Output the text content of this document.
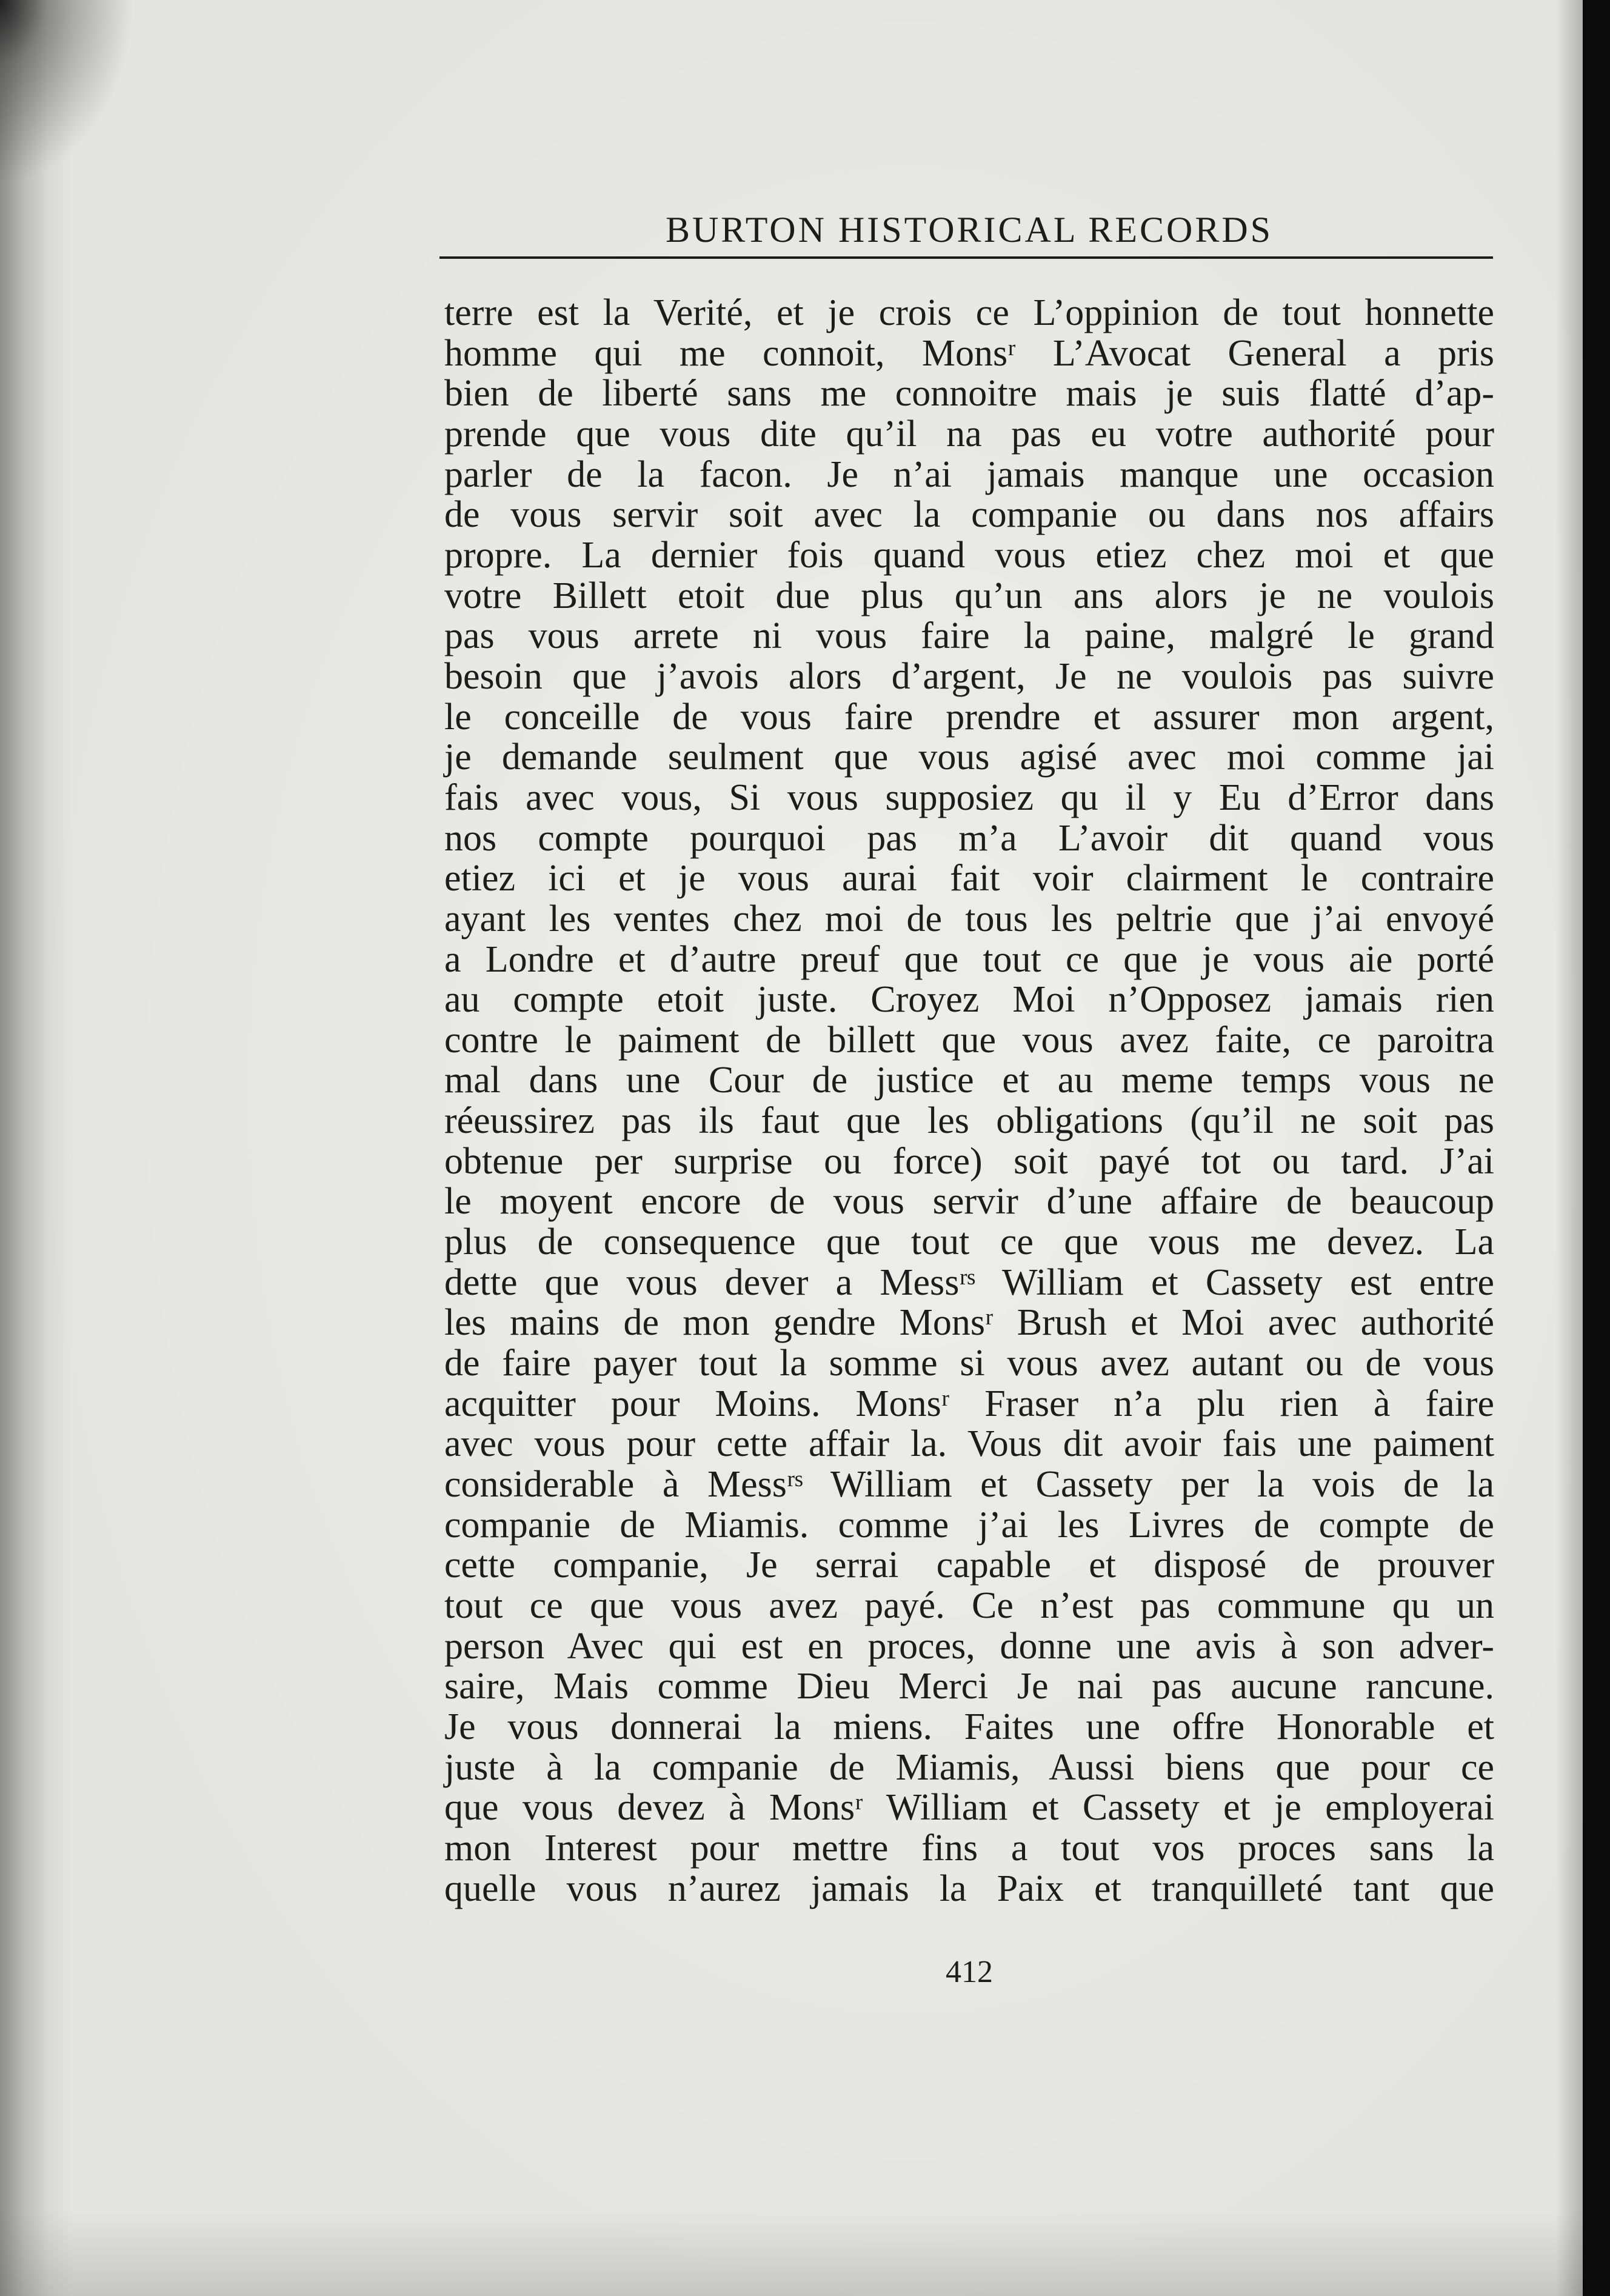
BURTON HISTORICAL RECORDS
terre est la Verité, et je crois ce L’oppinion de tout honnette
homme qui me connoit, Monsʳ L’Avocat General a pris
bien de liberté sans me connoitre mais je suis flatté d’ap-
prende que vous dite qu’il na pas eu votre authorité pour
parler de la facon. Je n’ai jamais manque une occasion
de vous servir soit avec la companie ou dans nos affairs
propre. La dernier fois quand vous etiez chez moi et que
votre Billett etoit due plus qu’un ans alors je ne voulois
pas vous arrete ni vous faire la paine, malgré le grand
besoin que j’avois alors d’argent, Je ne voulois pas suivre
le conceille de vous faire prendre et assurer mon argent,
je demande seulment que vous agisé avec moi comme jai
fais avec vous, Si vous supposiez qu il y Eu d’Error dans
nos compte pourquoi pas m’a L’avoir dit quand vous
etiez ici et je vous aurai fait voir clairment le contraire
ayant les ventes chez moi de tous les peltrie que j’ai envoyé
a Londre et d’autre preuf que tout ce que je vous aie porté
au compte etoit juste. Croyez Moi n’Opposez jamais rien
contre le paiment de billett que vous avez faite, ce paroitra
mal dans une Cour de justice et au meme temps vous ne
réeussirez pas ils faut que les obligations (qu’il ne soit pas
obtenue per surprise ou force) soit payé tot ou tard. J’ai
le moyent encore de vous servir d’une affaire de beaucoup
plus de consequence que tout ce que vous me devez. La
dette que vous dever a Messʳˢ William et Cassety est entre
les mains de mon gendre Monsʳ Brush et Moi avec authorité
de faire payer tout la somme si vous avez autant ou de vous
acquitter pour Moins. Monsʳ Fraser n’a plu rien à faire
avec vous pour cette affair la. Vous dit avoir fais une paiment
considerable à Messʳˢ William et Cassety per la vois de la
companie de Miamis. comme j’ai les Livres de compte de
cette companie, Je serrai capable et disposé de prouver
tout ce que vous avez payé. Ce n’est pas commune qu un
person Avec qui est en proces, donne une avis à son adver-
saire, Mais comme Dieu Merci Je nai pas aucune rancune.
Je vous donnerai la miens. Faites une offre Honorable et
juste à la companie de Miamis, Aussi biens que pour ce
que vous devez à Monsʳ William et Cassety et je employerai
mon Interest pour mettre fins a tout vos proces sans la
quelle vous n’aurez jamais la Paix et tranquilleté tant que
412
